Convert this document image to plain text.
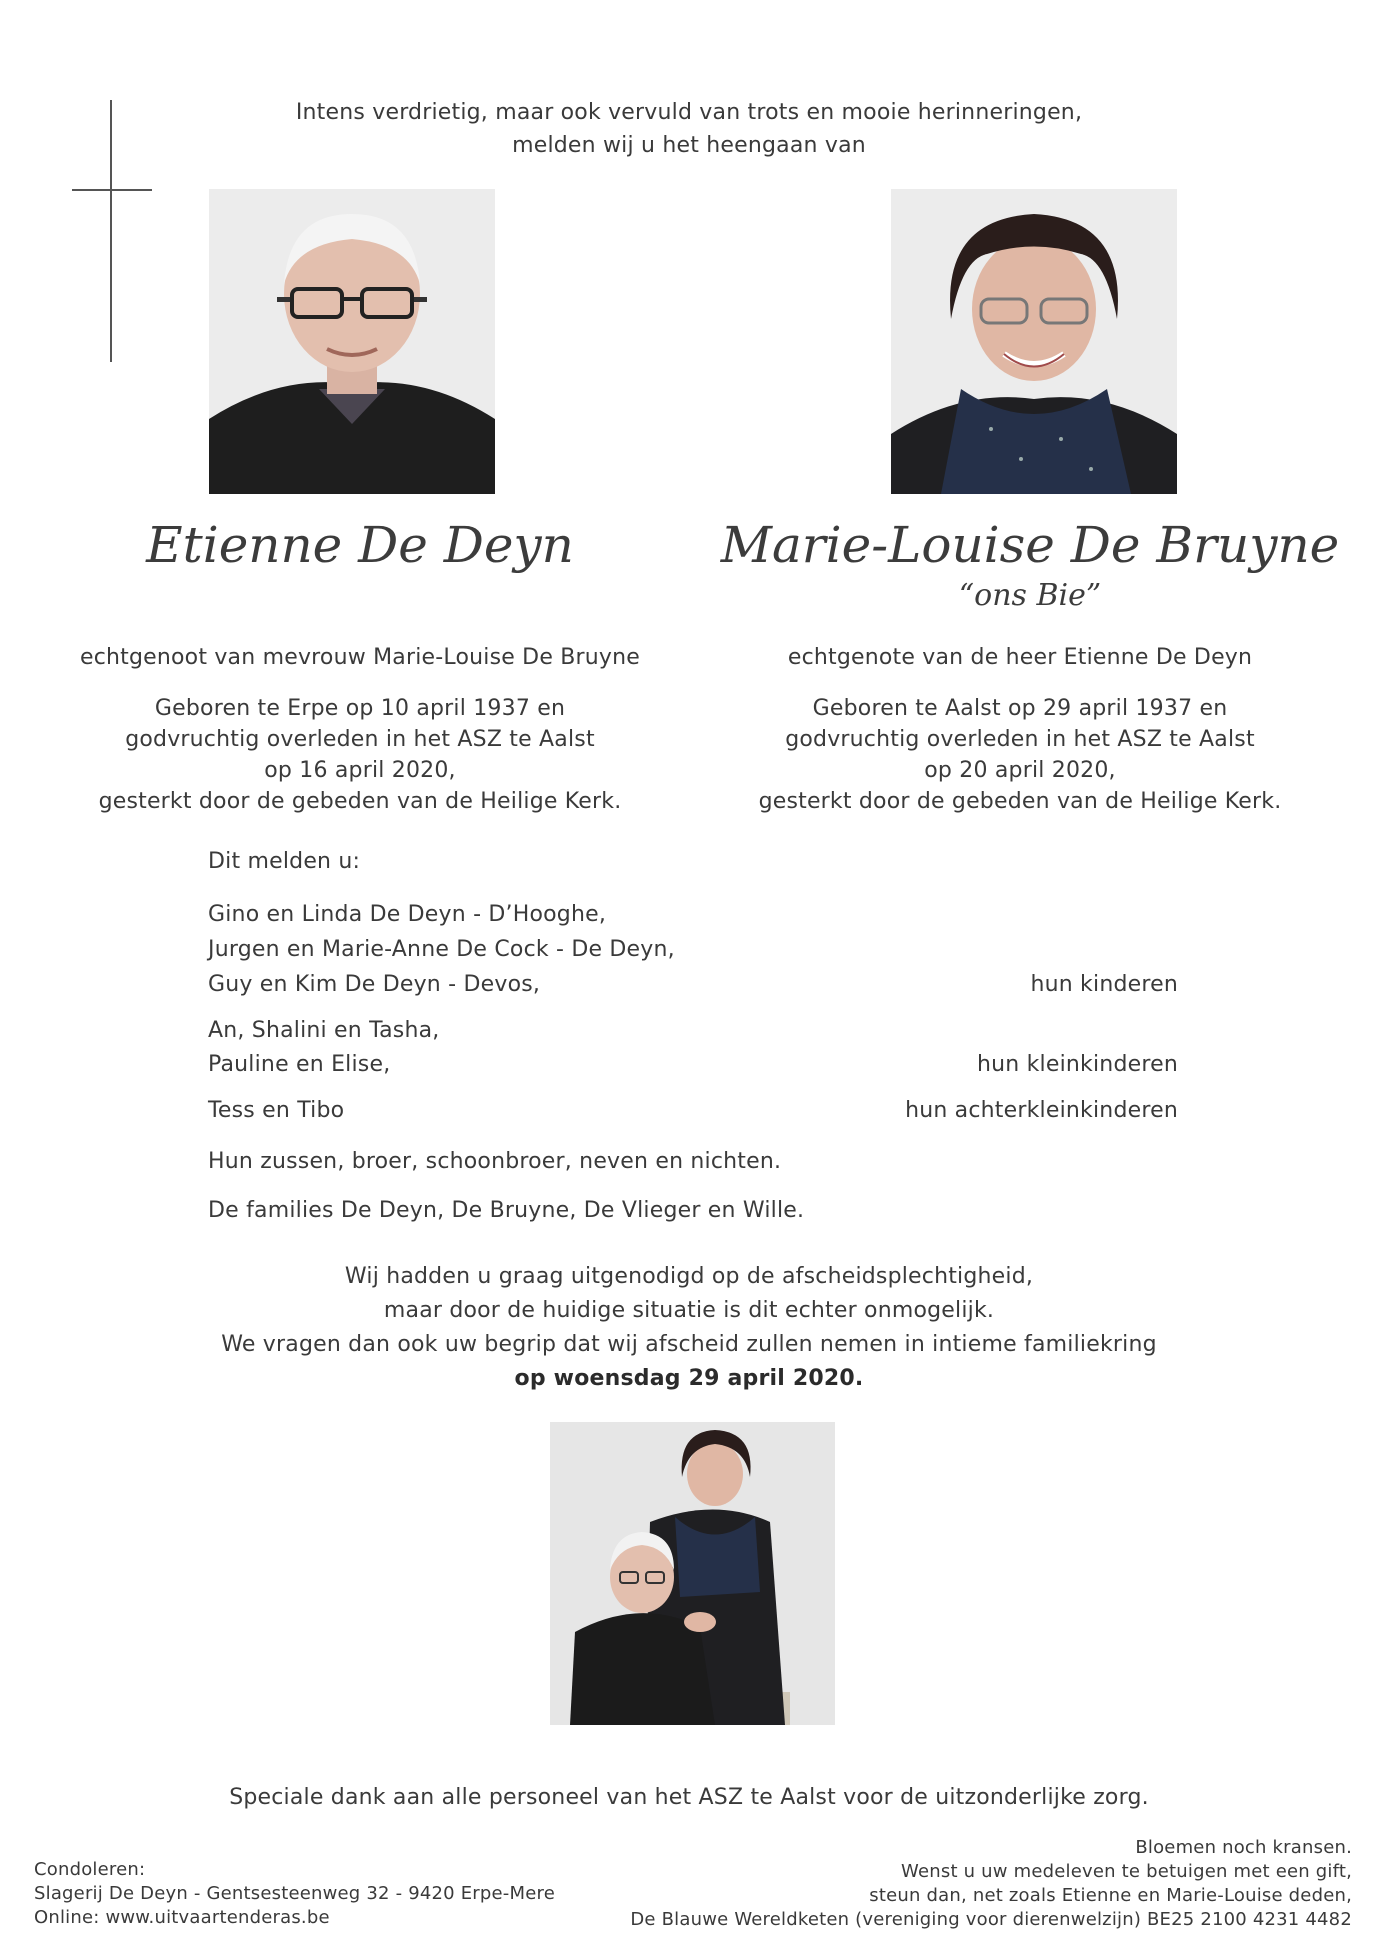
Intens verdrietig, maar ook vervuld van trots en mooie herinneringen,
melden wij u het heengaan van
Etienne De Deyn	Marie-Louise De Bruyne
“ons Bie”
echtgenoot van mevrouw Marie-Louise De Bruyne	echtgenote van de heer Etienne De Deyn
Geboren te Erpe op 10 april 1937 en
godvruchtig overleden in het ASZ te Aalst
op 16 april 2020,
gesterkt door de gebeden van de Heilige Kerk.
Geboren te Aalst op 29 april 1937 en
godvruchtig overleden in het ASZ te Aalst
op 20 april 2020,
gesterkt door de gebeden van de Heilige Kerk.
Dit melden u:
Gino en Linda De Deyn - D’Hooghe,
Jurgen en Marie-Anne De Cock - De Deyn,
Guy en Kim De Deyn - Devos,	hun kinderen
An, Shalini en Tasha,
Pauline en Elise,	hun kleinkinderen
Tess en Tibo	hun achterkleinkinderen
Hun zussen, broer, schoonbroer, neven en nichten.
De families De Deyn, De Bruyne, De Vlieger en Wille.
Wij hadden u graag uitgenodigd op de afscheidsplechtigheid,
maar door de huidige situatie is dit echter onmogelijk.
We vragen dan ook uw begrip dat wij afscheid zullen nemen in intieme familiekring
op woensdag 29 april 2020.
Speciale dank aan alle personeel van het ASZ te Aalst voor de uitzonderlijke zorg.
Condoleren:
Slagerij De Deyn - Gentsesteenweg 32 - 9420 Erpe-Mere
Online: www.uitvaartenderas.be
Bloemen noch kransen.
Wenst u uw medeleven te betuigen met een gift,
steun dan, net zoals Etienne en Marie-Louise deden,
De Blauwe Wereldketen (vereniging voor dierenwelzijn) BE25 2100 4231 4482
